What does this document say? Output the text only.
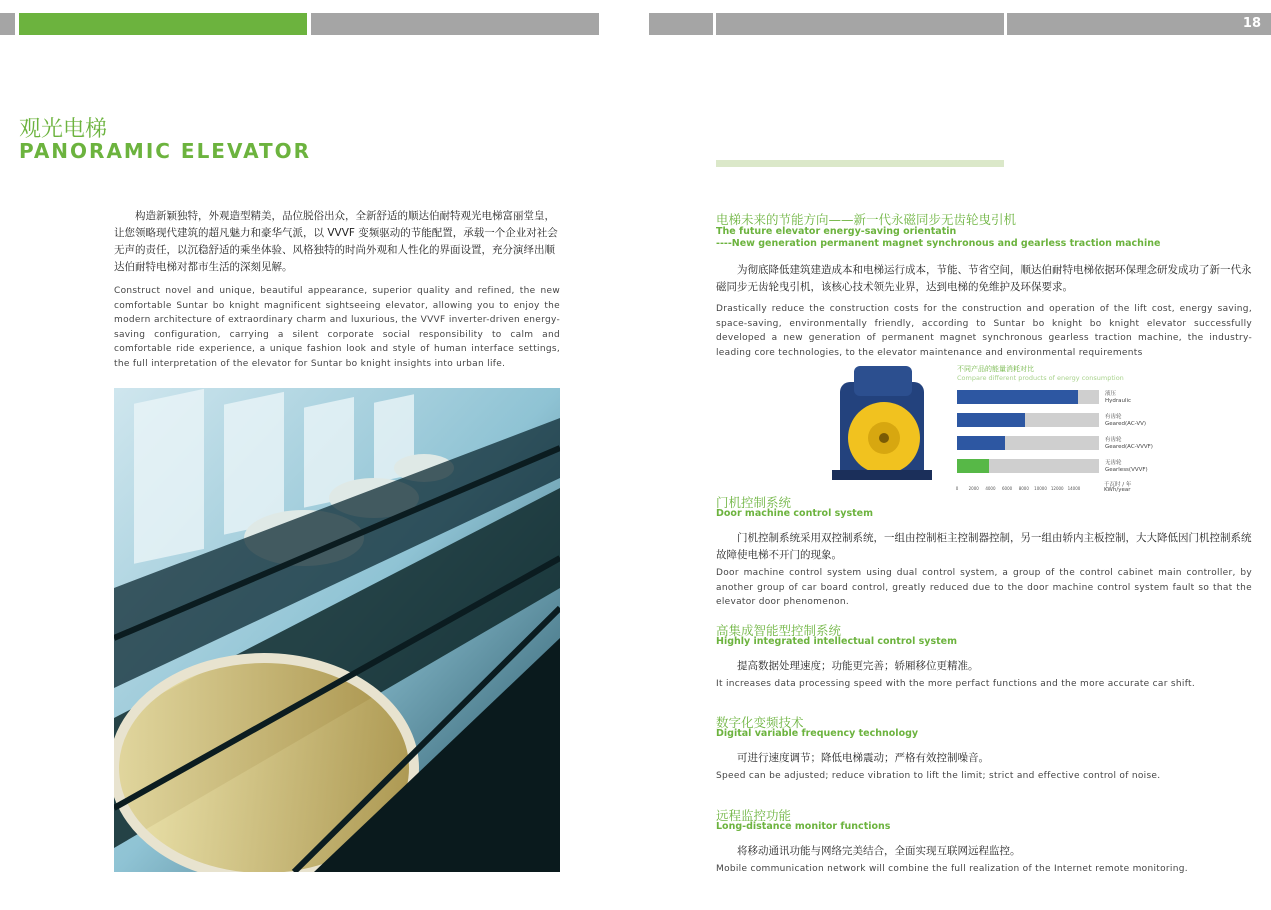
18
观光电梯
PANORAMIC ELEVATOR
构造新颖独特，外观造型精美，品位脱俗出众，全新舒适的顺达伯耐特观光电梯富丽堂皇，让您领略现代建筑的超凡魅力和豪华气派，以 VVVF 变频驱动的节能配置，承载一个企业对社会无声的责任，以沉稳舒适的乘坐体验、风格独特的时尚外观和人性化的界面设置，充分演绎出顺达伯耐特电梯对都市生活的深刻见解。
Construct novel and unique, beautiful appearance, superior quality and refined, the new comfortable Suntar bo knight magnificent sightseeing elevator, allowing you to enjoy the modern architecture of extraordinary charm and luxurious, the VVVF inverter-driven energy-saving configuration, carrying a silent corporate social responsibility to calm and comfortable ride experience, a unique fashion look and style of human interface settings, the full interpretation of the elevator for Suntar bo knight insights into urban life.
电梯未来的节能方向——新一代永磁同步无齿轮曳引机
The future elevator energy-saving orientatin
----New generation permanent magnet synchronous and gearless traction machine
为彻底降低建筑建造成本和电梯运行成本，节能、节省空间，顺达伯耐特电梯依据环保理念研发成功了新一代永磁同步无齿轮曳引机，该核心技术领先业界，达到电梯的免维护及环保要求。
Drastically reduce the construction costs for the construction and operation of the lift cost, energy saving, space-saving, environmentally friendly, according to Suntar bo knight bo knight elevator successfully developed a new generation of permanent magnet synchronous gearless traction machine, the industry-leading core technologies, to the elevator maintenance and environmental requirements
不同产品的能量消耗对比
Compare different products of energy consumption
液压
Hydraulic
有齿轮
Geared(AC-VV)
有齿轮
Geared(AC-VVVF)
无齿轮
Gearless(VVVF)
0	2000 4000 6000 8000 10000 12000 14000
千瓦时 / 年
KWh/year
门机控制系统
Door machine control system
门机控制系统采用双控制系统，一组由控制柜主控制器控制，另一组由轿内主板控制，大大降低因门机控制系统故障使电梯不开门的现象。
Door machine control system using dual control system, a group of the control cabinet main controller, by another group of car board control, greatly reduced due to the door machine control system fault so that the elevator door phenomenon.
高集成智能型控制系统
Highly integrated intellectual control system
提高数据处理速度；功能更完善；轿厢移位更精准。
It increases data processing speed with the more perfact functions and the more accurate car shift.
数字化变频技术
Digital variable frequency technology
可进行速度调节；降低电梯震动；严格有效控制噪音。
Speed can be adjusted; reduce vibration to lift the limit; strict and effective control of noise.
远程监控功能
Long-distance monitor functions
将移动通讯功能与网络完美结合，全面实现互联网远程监控。
Mobile communication network will combine the full realization of the Internet remote monitoring.
